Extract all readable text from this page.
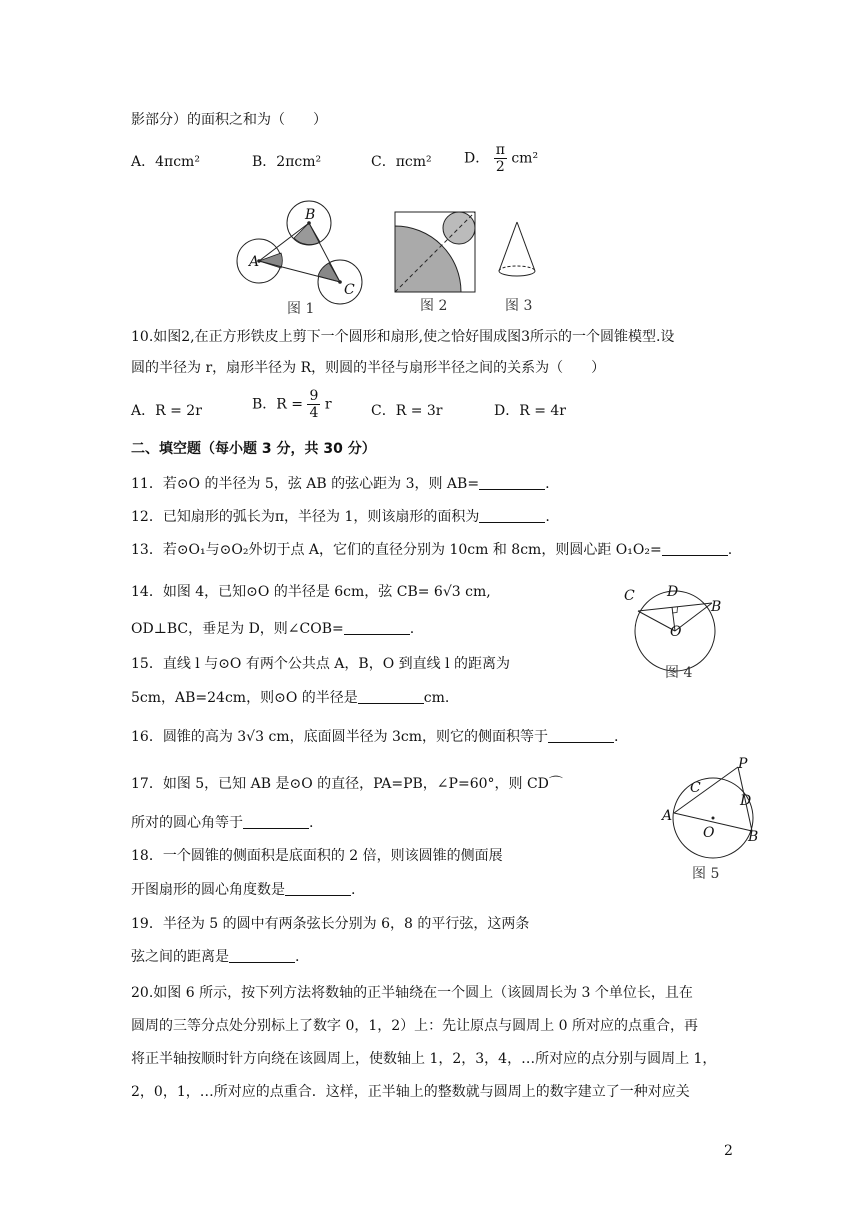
影部分）的面积之和为（　　）
A．4πcm²	B．2πcm²	C．πcm² D． $\frac{\pi}{2} cm^2$
A
B
C
图 1	图 2	图 3
10.如图2,在正方形铁皮上剪下一个圆形和扇形,使之恰好围成图3所示的一个圆锥模型.设
圆的半径为 r，扇形半径为 R，则圆的半径与扇形半径之间的关系为（　　）
A．R = 2r	B．$R = \frac{9}{4}$ r	C．R = 3r	D．R = 4r
二、填空题（每小题 3 分，共 30 分）
11．若⊙O 的半径为 5，弦 AB 的弦心距为 3，则 AB=	.
12．已知扇形的弧长为π，半径为 1，则该扇形的面积为	.
13．若⊙O₁与⊙O₂外切于点 A，它们的直径分别为 10cm 和 8cm，则圆心距 O₁O₂=	.
14．如图 4，已知⊙O 的半径是 6cm，弦 CB= 6√3 cm,
OD⊥BC，垂足为 D，则∠COB=	.
C D
B
O
图 4
15．直线 l 与⊙O 有两个公共点 A，B，O 到直线 l 的距离为
5cm，AB=24cm，则⊙O 的半径是	cm.
16．圆锥的高为 3√3 cm，底面圆半径为 3cm，则它的侧面积等于	.
17．如图 5，已知 AB 是⊙O 的直径，PA=PB，∠P=60°，则 CD⌒
所对的圆心角等于	.
P
C
D
A
O B
图 5
18．一个圆锥的侧面积是底面积的 2 倍，则该圆锥的侧面展
开图扇形的圆心角度数是	.
19．半径为 5 的圆中有两条弦长分别为 6，8 的平行弦，这两条
弦之间的距离是	.
20.如图 6 所示，按下列方法将数轴的正半轴绕在一个圆上（该圆周长为 3 个单位长，且在
圆周的三等分点处分别标上了数字 0，1，2）上：先让原点与圆周上 0 所对应的点重合，再
将正半轴按顺时针方向绕在该圆周上，使数轴上 1，2，3，4，…所对应的点分别与圆周上 1，
2，0，1，…所对应的点重合．这样，正半轴上的整数就与圆周上的数字建立了一种对应关
2
